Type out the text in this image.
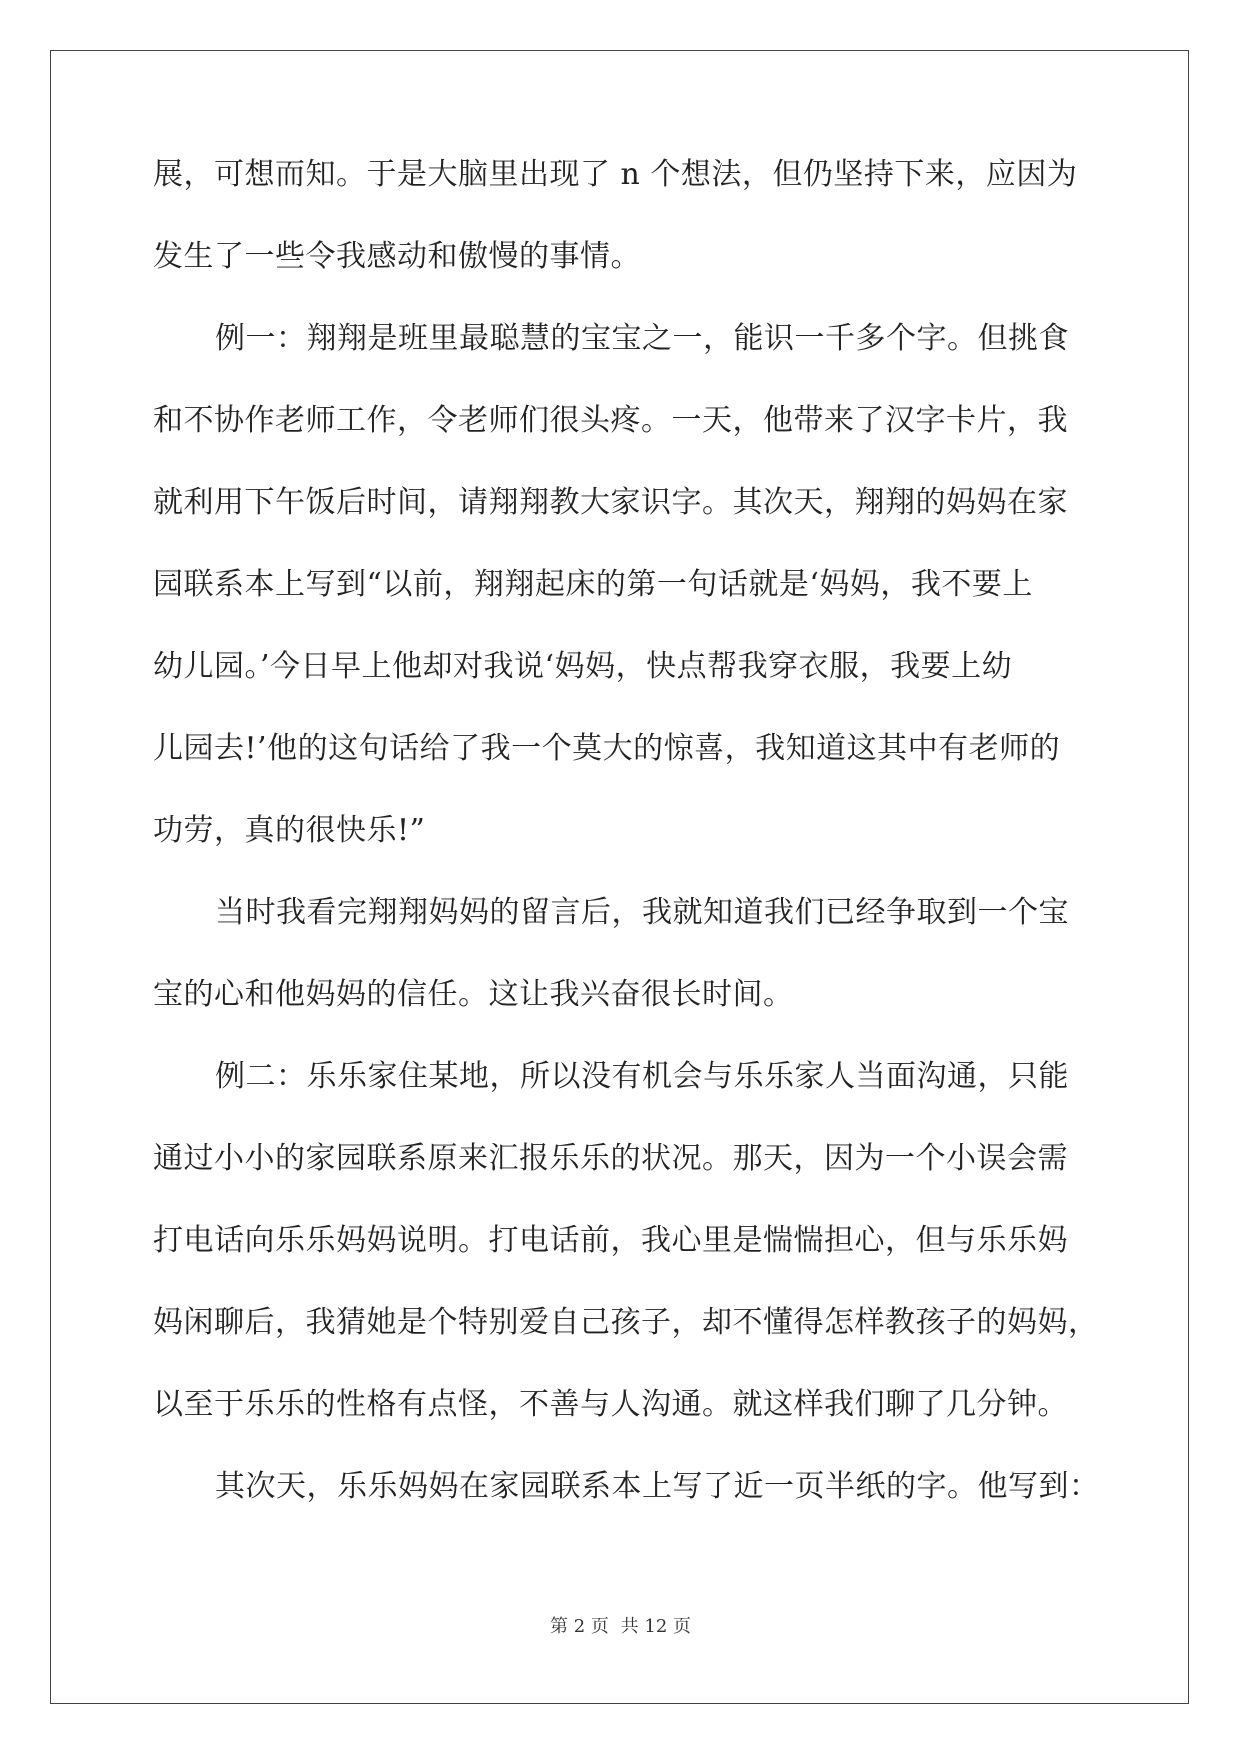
展，可想而知。于是大脑里出现了 n 个想法，但仍坚持下来，应因为
发生了一些令我感动和傲慢的事情。
例一：翔翔是班里最聪慧的宝宝之一，能识一千多个字。但挑食
和不协作老师工作，令老师们很头疼。一天，他带来了汉字卡片，我
就利用下午饭后时间，请翔翔教大家识字。其次天，翔翔的妈妈在家
园联系本上写到“以前，翔翔起床的第一句话就是‘妈妈，我不要上
幼儿园。’今日早上他却对我说‘妈妈，快点帮我穿衣服，我要上幼
儿园去!’他的这句话给了我一个莫大的惊喜，我知道这其中有老师的
功劳，真的很快乐!”
当时我看完翔翔妈妈的留言后，我就知道我们已经争取到一个宝
宝的心和他妈妈的信任。这让我兴奋很长时间。
例二：乐乐家住某地，所以没有机会与乐乐家人当面沟通，只能
通过小小的家园联系原来汇报乐乐的状况。那天，因为一个小误会需
打电话向乐乐妈妈说明。打电话前，我心里是惴惴担心，但与乐乐妈
妈闲聊后，我猜她是个特别爱自己孩子，却不懂得怎样教孩子的妈妈，
以至于乐乐的性格有点怪，不善与人沟通。就这样我们聊了几分钟。
其次天，乐乐妈妈在家园联系本上写了近一页半纸的字。他写到：
第 2 页 共 12 页
